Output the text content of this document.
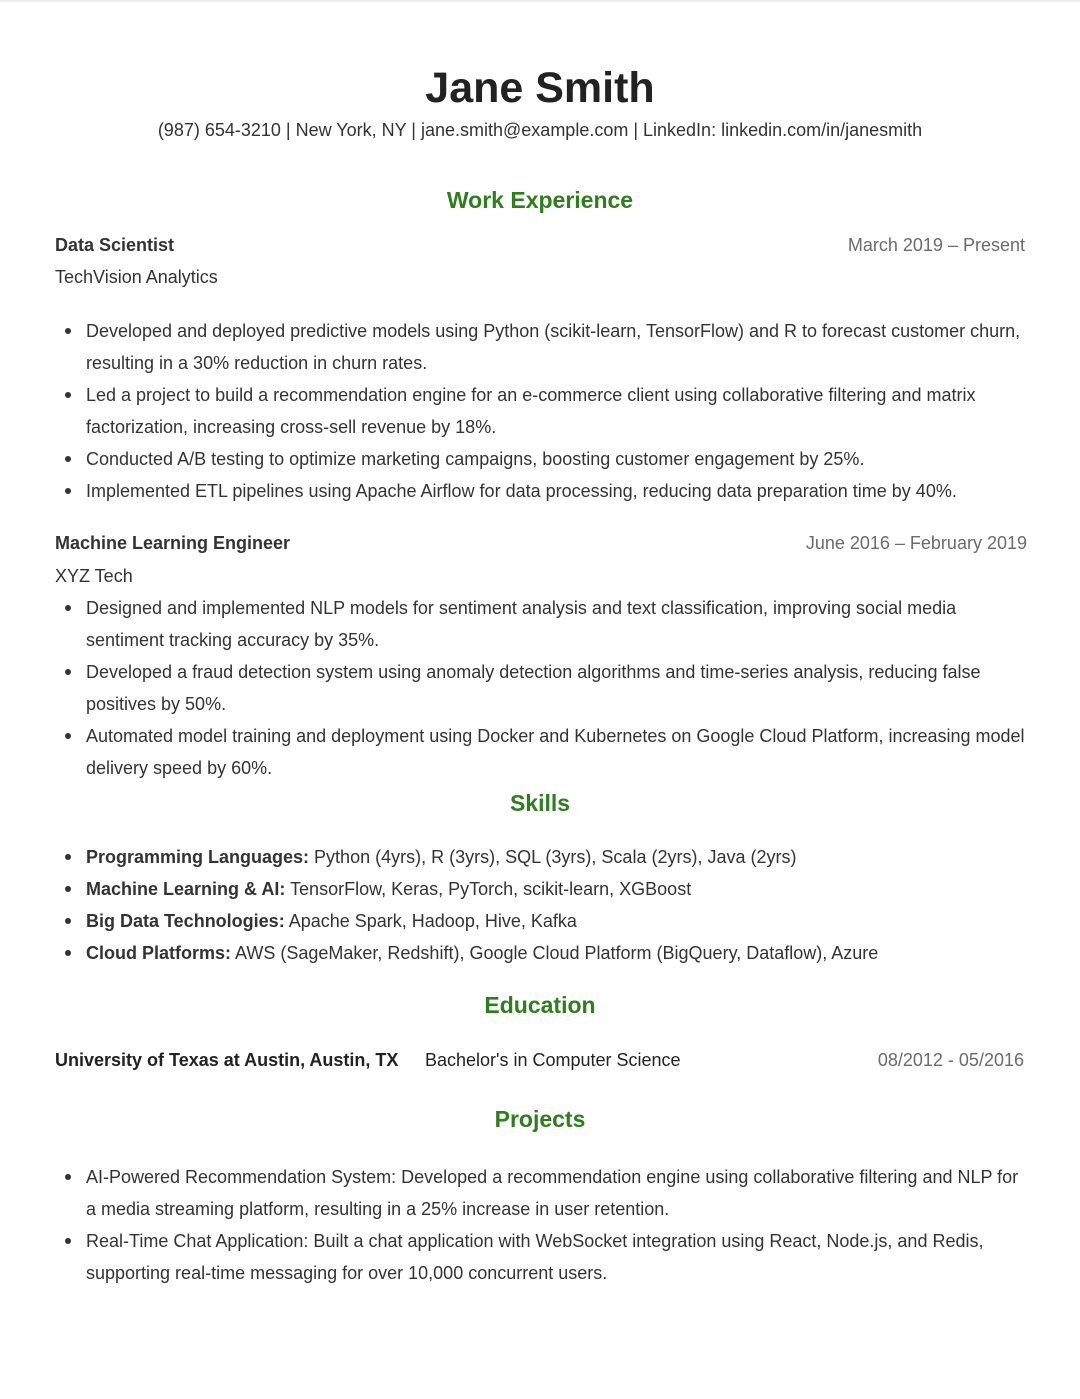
Jane Smith
(987) 654-3210 | New York, NY | jane.smith@example.com | LinkedIn: linkedin.com/in/janesmith
Work Experience
Data Scientist	March 2019 – Present
TechVision Analytics
Developed and deployed predictive models using Python (scikit-learn, TensorFlow) and R to forecast customer churn, resulting in a 30% reduction in churn rates.
Led a project to build a recommendation engine for an e-commerce client using collaborative filtering and matrix factorization, increasing cross-sell revenue by 18%.
Conducted A/B testing to optimize marketing campaigns, boosting customer engagement by 25%.
Implemented ETL pipelines using Apache Airflow for data processing, reducing data preparation time by 40%.
Machine Learning Engineer	June 2016 – February 2019
XYZ Tech
Designed and implemented NLP models for sentiment analysis and text classification, improving social media sentiment tracking accuracy by 35%.
Developed a fraud detection system using anomaly detection algorithms and time-series analysis, reducing false positives by 50%.
Automated model training and deployment using Docker and Kubernetes on Google Cloud Platform, increasing model delivery speed by 60%.
Skills
Programming Languages: Python (4yrs), R (3yrs), SQL (3yrs), Scala (2yrs), Java (2yrs)
Machine Learning & AI: TensorFlow, Keras, PyTorch, scikit-learn, XGBoost
Big Data Technologies: Apache Spark, Hadoop, Hive, Kafka
Cloud Platforms: AWS (SageMaker, Redshift), Google Cloud Platform (BigQuery, Dataflow), Azure
Education
University of Texas at Austin, Austin, TX Bachelor's in Computer Science	08/2012 - 05/2016
Projects
AI-Powered Recommendation System: Developed a recommendation engine using collaborative filtering and NLP for a media streaming platform, resulting in a 25% increase in user retention.
Real-Time Chat Application: Built a chat application with WebSocket integration using React, Node.js, and Redis, supporting real-time messaging for over 10,000 concurrent users.
